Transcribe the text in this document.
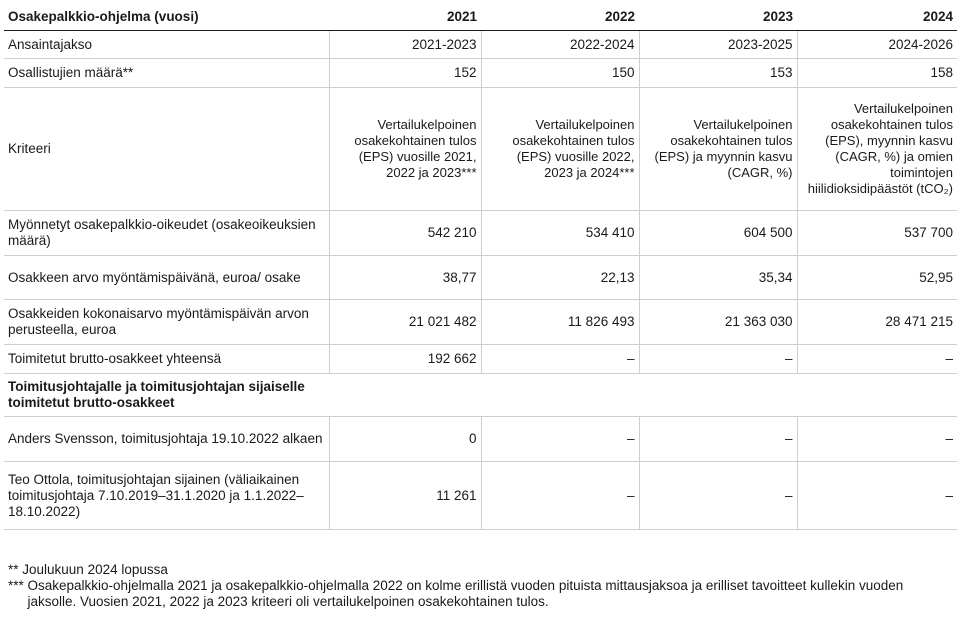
Osakepalkkio-ohjelma (vuosi)	2021	2022	2023	2024
Ansaintajakso	2021-2023	2022-2024	2023-2025	2024-2026
Osallistujien määrä**	152	150	153	158
Kriteeri	Vertailukelpoinen osakekohtainen tulos (EPS) vuosille 2021, 2022 ja 2023***	Vertailukelpoinen osakekohtainen tulos (EPS) vuosille 2022, 2023 ja 2024***	Vertailukelpoinen osakekohtainen tulos (EPS) ja myynnin kasvu (CAGR, %)	Vertailukelpoinen osakekohtainen tulos (EPS), myynnin kasvu (CAGR, %) ja omien toimintojen hiilidioksidipäästöt (tCO₂)
Myönnetyt osakepalkkio-oikeudet (osakeoikeuksien määrä)	542 210	534 410	604 500	537 700
Osakkeen arvo myöntämispäivänä, euroa/ osake	38,77	22,13	35,34	52,95
Osakkeiden kokonaisarvo myöntämispäivän arvon perusteella, euroa	21 021 482	11 826 493	21 363 030	28 471 215
Toimitetut brutto-osakkeet yhteensä	192 662	–	–	–
Toimitusjohtajalle ja toimitusjohtajan sijaiselle toimitetut brutto-osakkeet				
Anders Svensson, toimitusjohtaja 19.10.2022 alkaen	0	–	–	–
Teo Ottola, toimitusjohtajan sijainen (väliaikainen toimitusjohtaja 7.10.2019–31.1.2020 ja 1.1.2022–18.10.2022)	11 261	–	–	–
** Joulukuun 2024 lopussa
*** Osakepalkkio-ohjelmalla 2021 ja osakepalkkio-ohjelmalla 2022 on kolme erillistä vuoden pituista mittausjaksoa ja erilliset tavoitteet kullekin vuoden jaksolle. Vuosien 2021, 2022 ja 2023 kriteeri oli vertailukelpoinen osakekohtainen tulos.
